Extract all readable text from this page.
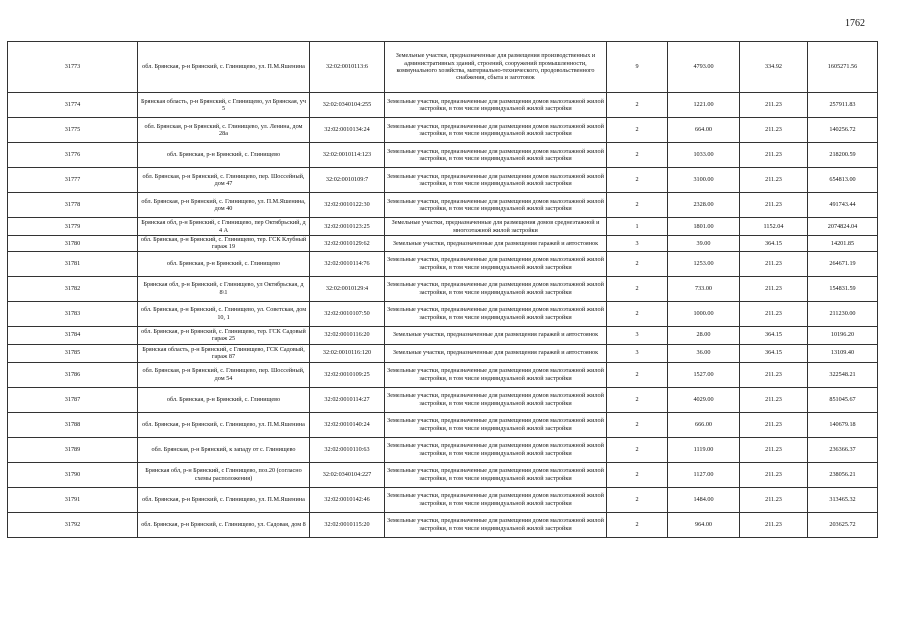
1762
31773	обл. Брянская, р-н Брянский, с. Глинищево, ул. П.М.Яшенина	32:02:0010113:6	Земельные участки, предназначенные для размещения производственных и административных зданий, строений, сооружений промышленности, коммунального хозяйства, материально-технического, продовольственного снабжения, сбыта и заготовок	9	4793.00	334.92	1605271.56
31774	Брянская область, р-н Брянский, с Глинищево, ул Брянская, уч 5	32:02:0340104:255	Земельные участки, предназначенные для размещения домов малоэтажной жилой застройки, в том числе индивидуальной жилой застройки	2	1221.00	211.23	257911.83
31775	обл. Брянская, р-н Брянский, с. Глинищево, ул. Ленина, дом 28а	32:02:0010134:24	Земельные участки, предназначенные для размещения домов малоэтажной жилой застройки, в том числе индивидуальной жилой застройки	2	664.00	211.23	140256.72
31776	обл. Брянская, р-н Брянский, с. Глинищево	32:02:0010114:123	Земельные участки, предназначенные для размещения домов малоэтажной жилой застройки, в том числе индивидуальной жилой застройки	2	1033.00	211.23	218200.59
31777	обл. Брянская, р-н Брянский, с. Глинищево, пер. Шоссейный, дом 47	32:02:0010109:7	Земельные участки, предназначенные для размещения домов малоэтажной жилой застройки, в том числе индивидуальной жилой застройки	2	3100.00	211.23	654813.00
31778	обл. Брянская, р-н Брянский, с. Глинищево, ул. П.М.Яшенина, дом 40	32:02:0010122:30	Земельные участки, предназначенные для размещения домов малоэтажной жилой застройки, в том числе индивидуальной жилой застройки	2	2328.00	211.23	491743.44
31779	Брянская обл, р-н Брянский, с Глинищево, пер Октябрьский, д 4 А	32:02:0010123:25	Земельные участки, предназначенные для размещения домов среднеэтажной и многоэтажной жилой застройки	1	1801.00	1152.04	2074824.04
31780	обл. Брянская, р-н Брянский, с. Глинищево, тер. ГСК Клубный гараж 19	32:02:0010129:62	Земельные участки, предназначенные для размещения гаражей и автостоянок	3	39.00	364.15	14201.85
31781	обл. Брянская, р-н Брянский, с. Глинищево	32:02:0010114:76	Земельные участки, предназначенные для размещения домов малоэтажной жилой застройки, в том числе индивидуальной жилой застройки	2	1253.00	211.23	264671.19
31782	Брянская обл, р-н Брянский, с Глинищево, ул Октябрьская, д 8\1	32:02:0010129:4	Земельные участки, предназначенные для размещения домов малоэтажной жилой застройки, в том числе индивидуальной жилой застройки	2	733.00	211.23	154831.59
31783	обл. Брянская, р-н Брянский, с. Глинищево, ул. Советская, дом 10, 1	32:02:0010107:50	Земельные участки, предназначенные для размещения домов малоэтажной жилой застройки, в том числе индивидуальной жилой застройки	2	1000.00	211.23	211230.00
31784	обл. Брянская, р-н Брянский, с. Глинищево, тер. ГСК Садовый гараж 25	32:02:0010116:20	Земельные участки, предназначенные для размещения гаражей и автостоянок	3	28.00	364.15	10196.20
31785	Брянская область, р-н Брянский, с Глинищево, ГСК Садовый, гараж 87	32:02:0010116:120	Земельные участки, предназначенные для размещения гаражей и автостоянок	3	36.00	364.15	13109.40
31786	обл. Брянская, р-н Брянский, с. Глинищево, пер. Шоссейный, дом 54	32:02:0010109:25	Земельные участки, предназначенные для размещения домов малоэтажной жилой застройки, в том числе индивидуальной жилой застройки	2	1527.00	211.23	322548.21
31787	обл. Брянская, р-н Брянский, с. Глинищево	32:02:0010114:27	Земельные участки, предназначенные для размещения домов малоэтажной жилой застройки, в том числе индивидуальной жилой застройки	2	4029.00	211.23	851045.67
31788	обл. Брянская, р-н Брянский, с. Глинищево, ул. П.М.Яшенина	32:02:0010140:24	Земельные участки, предназначенные для размещения домов малоэтажной жилой застройки, в том числе индивидуальной жилой застройки	2	666.00	211.23	140679.18
31789	обл. Брянская, р-н Брянский, к западу от с. Глинищево	32:02:0010110:63	Земельные участки, предназначенные для размещения домов малоэтажной жилой застройки, в том числе индивидуальной жилой застройки	2	1119.00	211.23	236366.37
31790	Брянская обл, р-н Брянский, с Глинищево, поз.20 (согласно схемы расположения)	32:02:0340104:227	Земельные участки, предназначенные для размещения домов малоэтажной жилой застройки, в том числе индивидуальной жилой застройки	2	1127.00	211.23	238056.21
31791	обл. Брянская, р-н Брянский, с. Глинищево, ул. П.М.Яшенина	32:02:0010142:46	Земельные участки, предназначенные для размещения домов малоэтажной жилой застройки, в том числе индивидуальной жилой застройки	2	1484.00	211.23	313465.32
31792	обл. Брянская, р-н Брянский, с. Глинищево, ул. Садовая, дом 8	32:02:0010115:20	Земельные участки, предназначенные для размещения домов малоэтажной жилой застройки, в том числе индивидуальной жилой застройки	2	964.00	211.23	203625.72
